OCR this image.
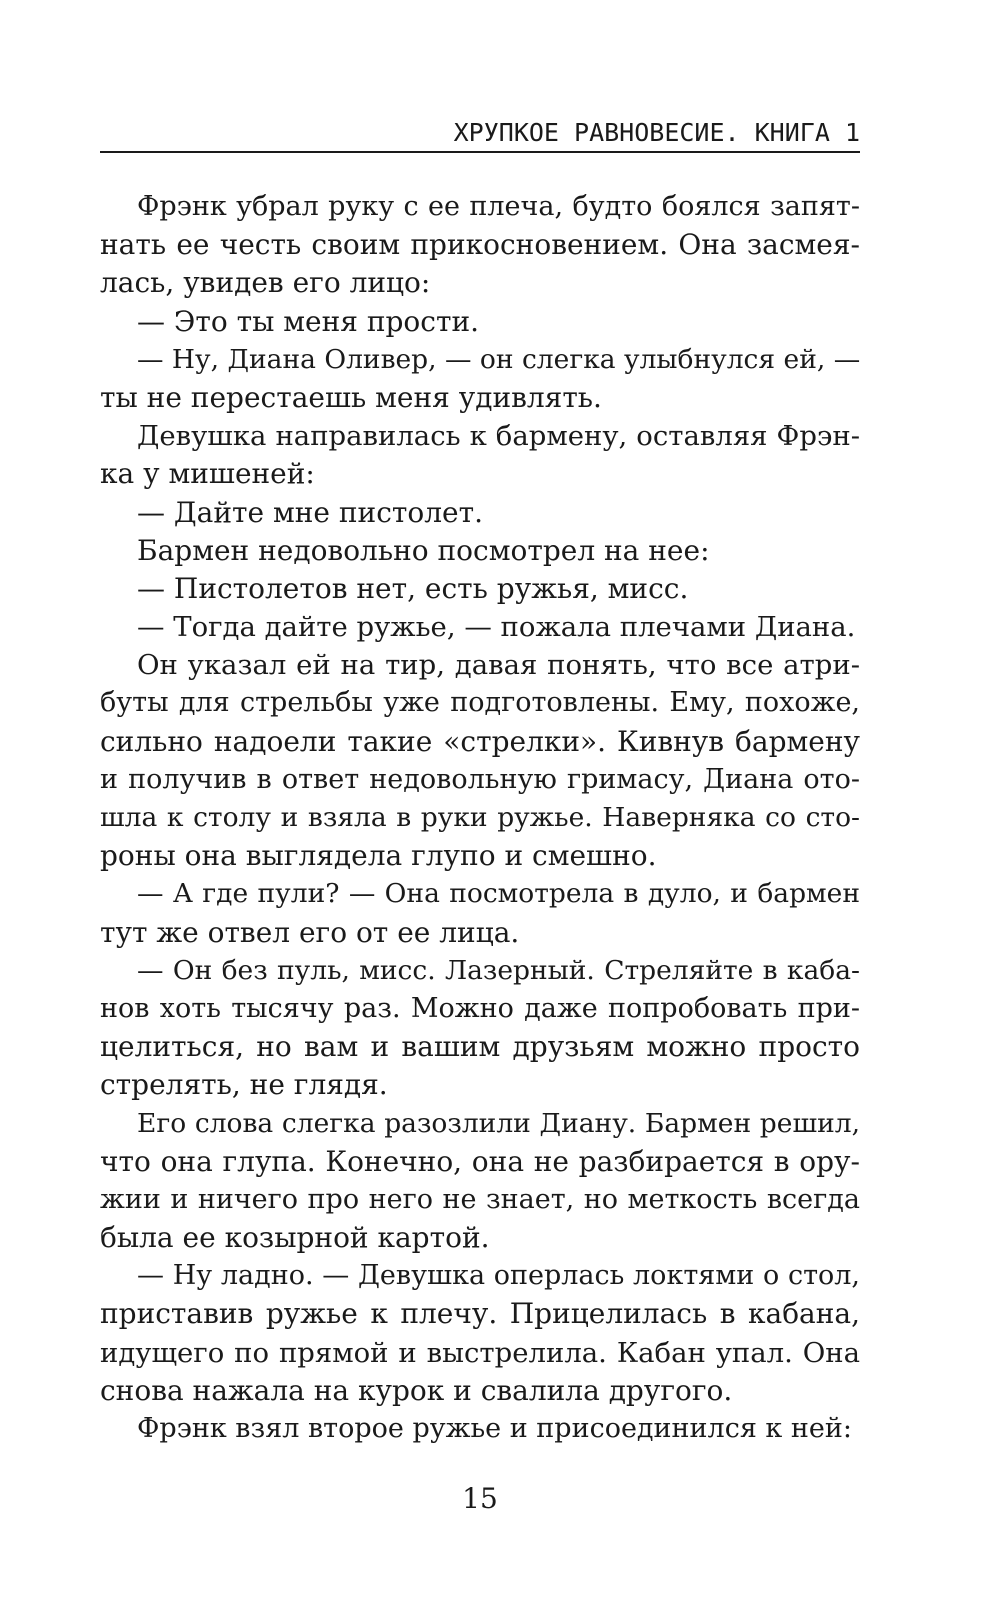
ХРУПКОЕ РАВНОВЕСИЕ. КНИГА 1
Фрэнк убрал руку с ее плеча, будто боялся запят-
нать ее честь своим прикосновением. Она засмея-
лась, увидев его лицо:
— Это ты меня прости.
— Ну, Диана Оливер, — он слегка улыбнулся ей, —
ты не перестаешь меня удивлять.
Девушка направилась к бармену, оставляя Фрэн-
ка у мишеней:
— Дайте мне пистолет.
Бармен недовольно посмотрел на нее:
— Пистолетов нет, есть ружья, мисс.
— Тогда дайте ружье, — пожала плечами Диана.
Он указал ей на тир, давая понять, что все атри-
буты для стрельбы уже подготовлены. Ему, похоже,
сильно надоели такие «стрелки». Кивнув бармену
и получив в ответ недовольную гримасу, Диана ото-
шла к столу и взяла в руки ружье. Наверняка со сто-
роны она выглядела глупо и смешно.
— А где пули? — Она посмотрела в дуло, и бармен
тут же отвел его от ее лица.
— Он без пуль, мисс. Лазерный. Стреляйте в каба-
нов хоть тысячу раз. Можно даже попробовать при-
целиться, но вам и вашим друзьям можно просто
стрелять, не глядя.
Его слова слегка разозлили Диану. Бармен решил,
что она глупа. Конечно, она не разбирается в ору-
жии и ничего про него не знает, но меткость всегда
была ее козырной картой.
— Ну ладно. — Девушка оперлась локтями о стол,
приставив ружье к плечу. Прицелилась в кабана,
идущего по прямой и выстрелила. Кабан упал. Она
снова нажала на курок и свалила другого.
Фрэнк взял второе ружье и присоединился к ней:
15
